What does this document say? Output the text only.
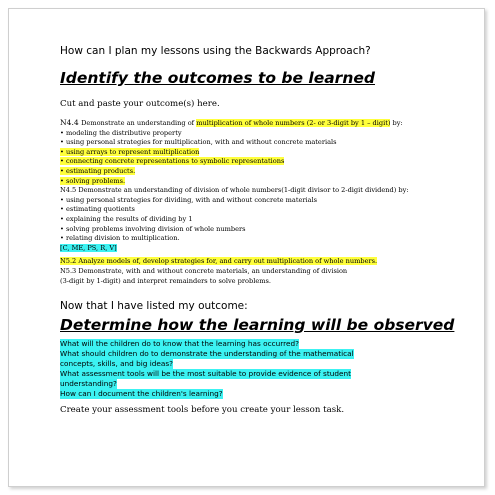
How can I plan my lessons using the Backwards Approach?
Identify the outcomes to be learned
Cut and paste your outcome(s) here.
N4.4 Demonstrate an understanding of multiplication of whole numbers (2- or 3-digit by 1 – digit) by:
• modeling the distributive property
• using personal strategies for multiplication, with and without concrete materials
• using arrays to represent multiplication
• connecting concrete representations to symbolic representations
• estimating products.
• solving problems.
N4.5 Demonstrate an understanding of division of whole numbers(1-digit divisor to 2-digit dividend) by:
• using personal strategies for dividing, with and without concrete materials
• estimating quotients
• explaining the results of dividing by 1
• solving problems involving division of whole numbers
• relating division to multiplication.
[C, ME, PS, R, V]
N5.2 Analyze models of, develop strategies for, and carry out multiplication of whole numbers.
N5.3 Demonstrate, with and without concrete materials, an understanding of division
(3-digit by 1-digit) and interpret remainders to solve problems.
Now that I have listed my outcome:
Determine how the learning will be observed
What will the children do to know that the learning has occurred?
What should children do to demonstrate the understanding of the mathematical
concepts, skills, and big ideas?
What assessment tools will be the most suitable to provide evidence of student
understanding?
How can I document the children's learning?
Create your assessment tools before you create your lesson task.
